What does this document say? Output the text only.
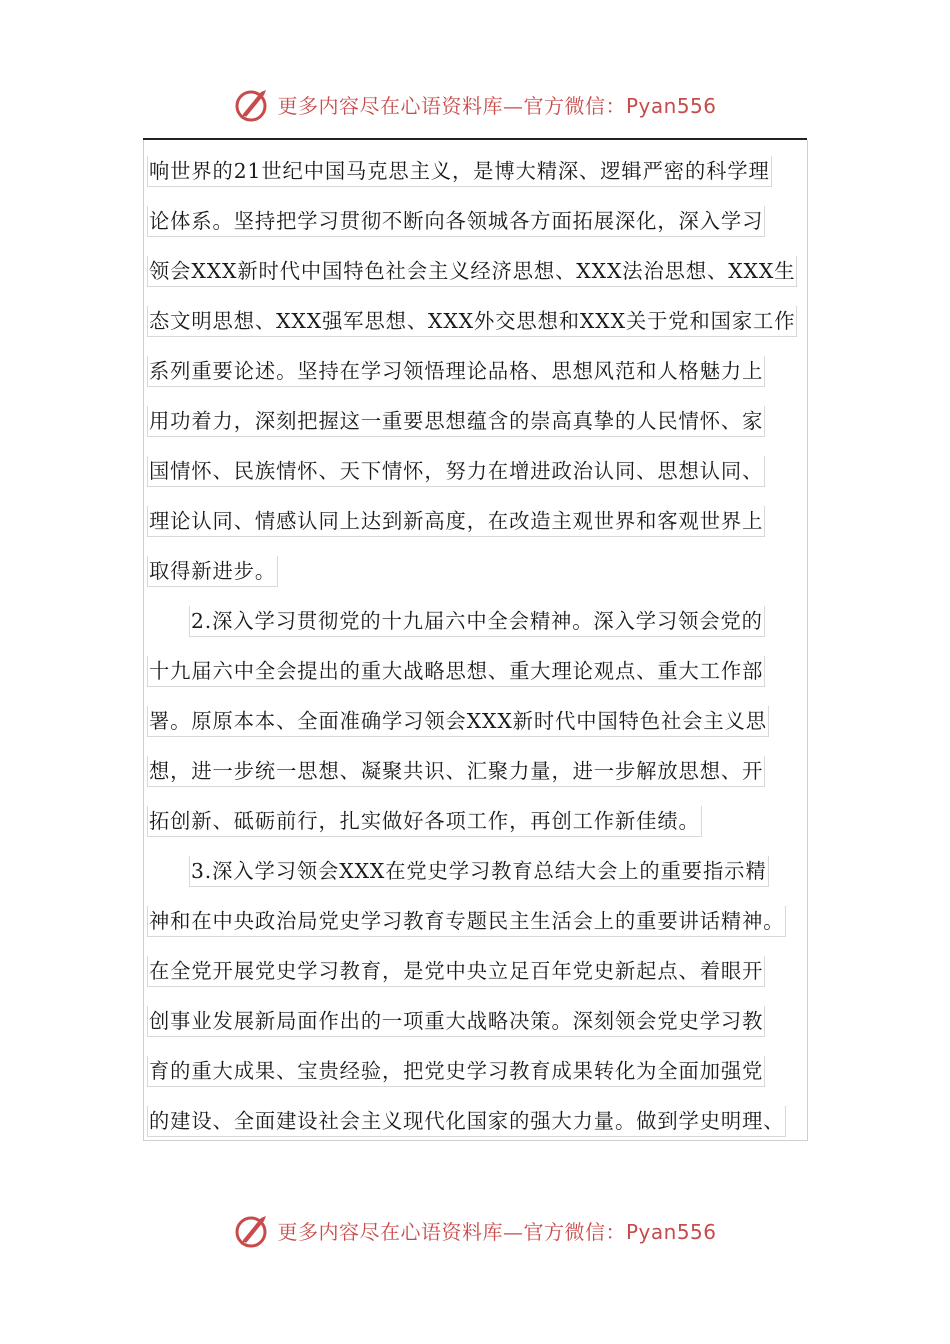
更多内容尽在心语资料库—官方微信：Pyan556
响世界的21世纪中国马克思主义，是博大精深、逻辑严密的科学理
论体系。坚持把学习贯彻不断向各领城各方面拓展深化，深入学习
领会XXX新时代中国特色社会主义经济思想、XXX法治思想、XXX生
态文明思想、XXX强军思想、XXX外交思想和XXX关于党和国家工作
系列重要论述。坚持在学习领悟理论品格、思想风范和人格魅力上
用功着力，深刻把握这一重要思想蕴含的崇高真挚的人民情怀、家
国情怀、民族情怀、天下情怀，努力在增进政治认同、思想认同、
理论认同、情感认同上达到新高度，在改造主观世界和客观世界上
取得新进步。
2.深入学习贯彻党的十九届六中全会精神。深入学习领会党的
十九届六中全会提出的重大战略思想、重大理论观点、重大工作部
署。原原本本、全面准确学习领会XXX新时代中国特色社会主义思
想，进一步统一思想、凝聚共识、汇聚力量，进一步解放思想、开
拓创新、砥砺前行，扎实做好各项工作，再创工作新佳绩。
3.深入学习领会XXX在党史学习教育总结大会上的重要指示精
神和在中央政治局党史学习教育专题民主生活会上的重要讲话精神。
在全党开展党史学习教育，是党中央立足百年党史新起点、着眼开
创事业发展新局面作出的一项重大战略决策。深刻领会党史学习教
育的重大成果、宝贵经验，把党史学习教育成果转化为全面加强党
的建设、全面建设社会主义现代化国家的强大力量。做到学史明理、
更多内容尽在心语资料库—官方微信：Pyan556
